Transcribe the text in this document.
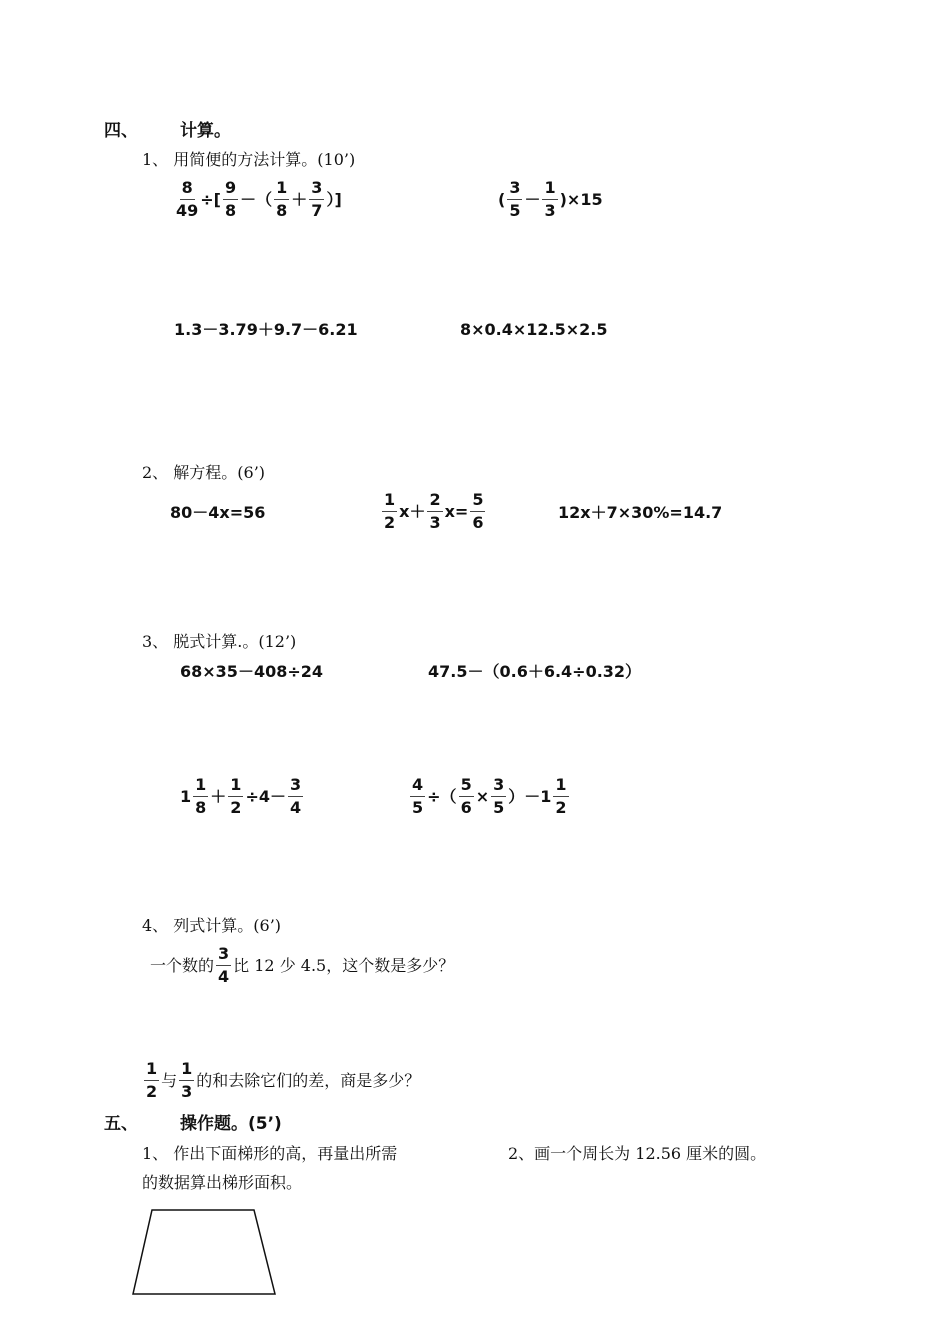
四、 计算。
1、 用简便的方法计算。(10’)
$\frac{8}{49}$ ÷[ $\frac{9}{8}$ －（ $\frac{1}{8} + \frac{3}{7}$ ）]	( $\frac{3}{5} - \frac{1}{3} )\times 15$
1.3－3.79＋9.7－6.21	8×0.4×12.5×2.5
2、 解方程。(6’)
80－4x=56	$\frac{1}{2} x+ \frac{2}{3} x= \frac{5}{6}$	12x＋7×30%=14.7
3、 脱式计算.。(12’)
68×35－408÷24	47.5－（0.6＋6.4÷0.32）
$1 \frac{1}{8} + \frac{1}{2} \div 4- \frac{3}{4}$	$\frac{4}{5}$ ÷（ $\frac{5}{6} \times \frac{3}{5} )-1 \frac{1}{2}$
4、 列式计算。(6’)
一个数的 $\frac{3}{4}$ 比 12 少 4.5，这个数是多少？
$\frac{1}{2}$ 与 $\frac{1}{3}$ 的和去除它们的差，商是多少？
五、 操作题。(5’)
1、 作出下面梯形的高，再量出所需	2、画一个周长为 12.56 厘米的圆。
的数据算出梯形面积。
